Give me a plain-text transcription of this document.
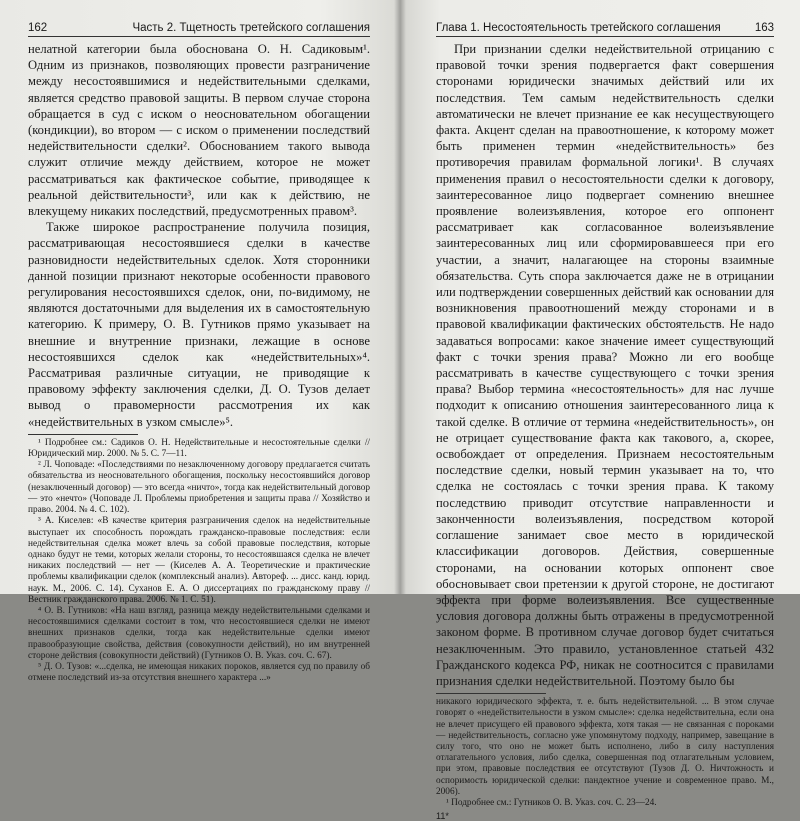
162	Часть 2. Тщетность третейского соглашения

нелатной категории была обоснована О. Н. Садиковым¹. Одним из признаков, позволяющих провести разграничение между несостоявшимися и недействительными сделками, является средство правовой защиты. В первом случае сторона обращается в суд с иском о неосновательном обогащении (кондикции), во втором — с иском о применении последствий недействительности сделки². Обоснованием такого вывода служит отличие между действием, которое не может рассматриваться как фактическое событие, приводящее к реальной действительности³, или как к действию, не влекущему никаких последствий, предусмотренных правом³.

Также широкое распространение получила позиция, рассматривающая несостоявшиеся сделки в качестве разновидности недействительных сделок. Хотя сторонники данной позиции признают некоторые особенности правового регулирования несостоявшихся сделок, они, по-видимому, не являются достаточными для выделения их в самостоятельную категорию. К примеру, О. В. Гутников прямо указывает на внешние и внутренние признаки, лежащие в основе несостоявшихся сделок как «недействительных»⁴. Рассматривая различные ситуации, не приводящие к правовому эффекту заключения сделки, Д. О. Тузов делает вывод о правомерности рассмотрения их как «недействительных в узком смысле»⁵.

¹ Подробнее см.: Садиков О. Н. Недействительные и несостоятельные сделки // Юридический мир. 2000. № 5. С. 7—11.

² Л. Чоповаде: «Последствиями по незаключенному договору предлагается считать обязательства из неосновательного обогащения, поскольку несостоявшийся договор (незаключенный договор) — это всегда «ничто», тогда как недействительный договор — это «нечто» (Чоповаде Л. Проблемы приобретения и защиты права // Хозяйство и право. 2004. № 4. С. 102).

³ А. Киселев: «В качестве критерия разграничения сделок на недействительные выступает их способность порождать гражданско-правовые последствия: если недействительная сделка может влечь за собой правовые последствия, которые однако будут не теми, которых желали стороны, то несостоявшаяся сделка не влечет никаких последствий — нет — (Киселев А. А. Теоретические и практические проблемы квалификации сделок (комплексный анализ). Автореф. ... дисс. канд. юрид. наук. М., 2006. С. 14). Суханов Е. А. О диссертациях по гражданскому праву // Вестник гражданского права. 2006. № 1. С. 51).

⁴ О. В. Гутников: «На наш взгляд, разница между недействительными сделками и несостоявшимися сделками состоит в том, что несостоявшиеся сделки не имеют внешних признаков сделки, тогда как недействительные сделки имеют правообразующие свойства, действия (совокупности действий), но им внутренней стороне действия (совокупности действий) (Гутников О. В. Указ. соч. С. 67).

⁵ Д. О. Тузов: «...сделка, не имеющая никаких пороков, является суд по правилу об отмене последствий из-за отсутствия внешнего характера ...»

Глава 1. Несостоятельность третейского соглашения	163

При признании сделки недействительной отрицанию с правовой точки зрения подвергается факт совершения сторонами юридически значимых действий или их последствия. Тем самым недействительность сделки автоматически не влечет признание ее как несуществующего факта. Акцент сделан на правоотношение, к которому может быть применен термин «недействительность» без противоречия правилам формальной логики¹. В случаях применения правил о несостоятельности сделки к договору, заинтересованное лицо подвергает сомнению внешнее проявление волеизъявления, которое его оппонент рассматривает как согласованное волеизъявление заинтересованных лиц или сформировавшееся при его участии, а значит, налагающее на стороны взаимные обязательства. Суть спора заключается даже не в отрицании или подтверждении совершенных действий как основании для возникновения правоотношений между сторонами и в правовой квалификации фактических обстоятельств. Не надо задаваться вопросами: какое значение имеет существующий факт с точки зрения права? Можно ли его вообще рассматривать в качестве существующего с точки зрения права? Выбор термина «несостоятельность» для нас лучше подходит к описанию отношения заинтересованного лица к такой сделке. В отличие от термина «недействительность», он не отрицает существование факта как такового, а, скорее, освобождает от определения. Признаем несостоятельным последствие сделки, новый термин указывает на то, что сделка не состоялась с точки зрения права. К такому последствию приводит отсутствие направленности и законченности волеизъявления, посредством которой соглашение занимает свое место в юридической классификации договоров. Действия, совершенные сторонами, на основании которых оппонент свое обосновывает свои претензии к другой стороне, не достигают эффекта при форме волеизъявления. Все существенные условия договора должны быть отражены в предусмотренной законом форме. В противном случае договор будет считаться незаключенным. Это правило, установленное статьей 432 Гражданского кодекса РФ, никак не соотносится с правилами признания сделки недействительной. Поэтому было бы

никакого юридического эффекта, т. е. быть недействительной. ... В этом случае говорят о «недействительности в узком смысле»: сделка недействительна, если она не влечет присущего ей правового эффекта, хотя такая — не связанная с пороками — недействительность, согласно уже упомянутому подходу, например, завещание в силу того, что оно не может быть исполнено, либо в силу наступления отлагательного условия, либо сделка, совершенная под отлагательным условием, при этом, правовые последствия ее отсутствуют (Тузов Д. О. Ничтожность и оспоримость юридической сделки: пандектное учение и современное право. М., 2006).

¹ Подробнее см.: Гутников О. В. Указ. соч. С. 23—24.

11*
